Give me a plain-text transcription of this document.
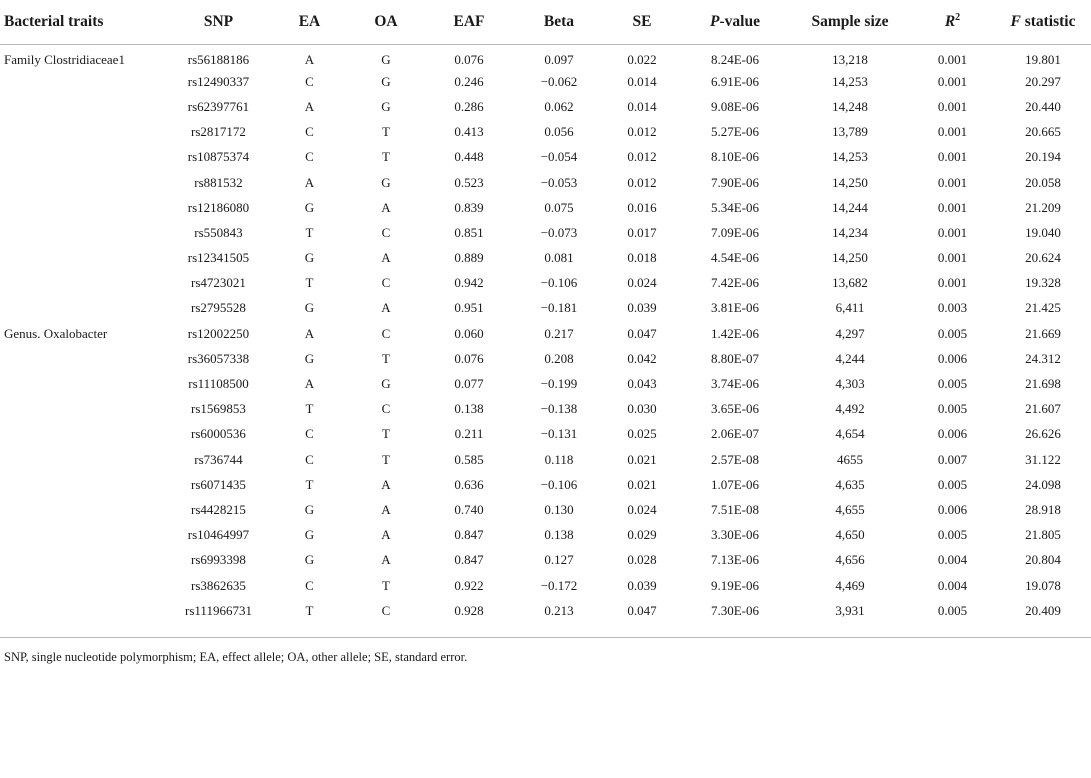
Bacterial traits	SNP	EA	OA	EAF	Beta	SE	P-value	Sample size	$R^2$	F statistic
Family Clostridiaceae1	rs56188186	A	G	0.076	0.097	0.022	8.24E-06	13,218	0.001	19.801
	rs12490337	C	G	0.246	−0.062	0.014	6.91E-06	14,253	0.001	20.297
	rs62397761	A	G	0.286	0.062	0.014	9.08E-06	14,248	0.001	20.440
	rs2817172	C	T	0.413	0.056	0.012	5.27E-06	13,789	0.001	20.665
	rs10875374	C	T	0.448	−0.054	0.012	8.10E-06	14,253	0.001	20.194
	rs881532	A	G	0.523	−0.053	0.012	7.90E-06	14,250	0.001	20.058
	rs12186080	G	A	0.839	0.075	0.016	5.34E-06	14,244	0.001	21.209
	rs550843	T	C	0.851	−0.073	0.017	7.09E-06	14,234	0.001	19.040
	rs12341505	G	A	0.889	0.081	0.018	4.54E-06	14,250	0.001	20.624
	rs4723021	T	C	0.942	−0.106	0.024	7.42E-06	13,682	0.001	19.328
	rs2795528	G	A	0.951	−0.181	0.039	3.81E-06	6,411	0.003	21.425
Genus. Oxalobacter	rs12002250	A	C	0.060	0.217	0.047	1.42E-06	4,297	0.005	21.669
	rs36057338	G	T	0.076	0.208	0.042	8.80E-07	4,244	0.006	24.312
	rs11108500	A	G	0.077	−0.199	0.043	3.74E-06	4,303	0.005	21.698
	rs1569853	T	C	0.138	−0.138	0.030	3.65E-06	4,492	0.005	21.607
	rs6000536	C	T	0.211	−0.131	0.025	2.06E-07	4,654	0.006	26.626
	rs736744	C	T	0.585	0.118	0.021	2.57E-08	4655	0.007	31.122
	rs6071435	T	A	0.636	−0.106	0.021	1.07E-06	4,635	0.005	24.098
	rs4428215	G	A	0.740	0.130	0.024	7.51E-08	4,655	0.006	28.918
	rs10464997	G	A	0.847	0.138	0.029	3.30E-06	4,650	0.005	21.805
	rs6993398	G	A	0.847	0.127	0.028	7.13E-06	4,656	0.004	20.804
	rs3862635	C	T	0.922	−0.172	0.039	9.19E-06	4,469	0.004	19.078
	rs111966731	T	C	0.928	0.213	0.047	7.30E-06	3,931	0.005	20.409
SNP, single nucleotide polymorphism; EA, effect allele; OA, other allele; SE, standard error.
